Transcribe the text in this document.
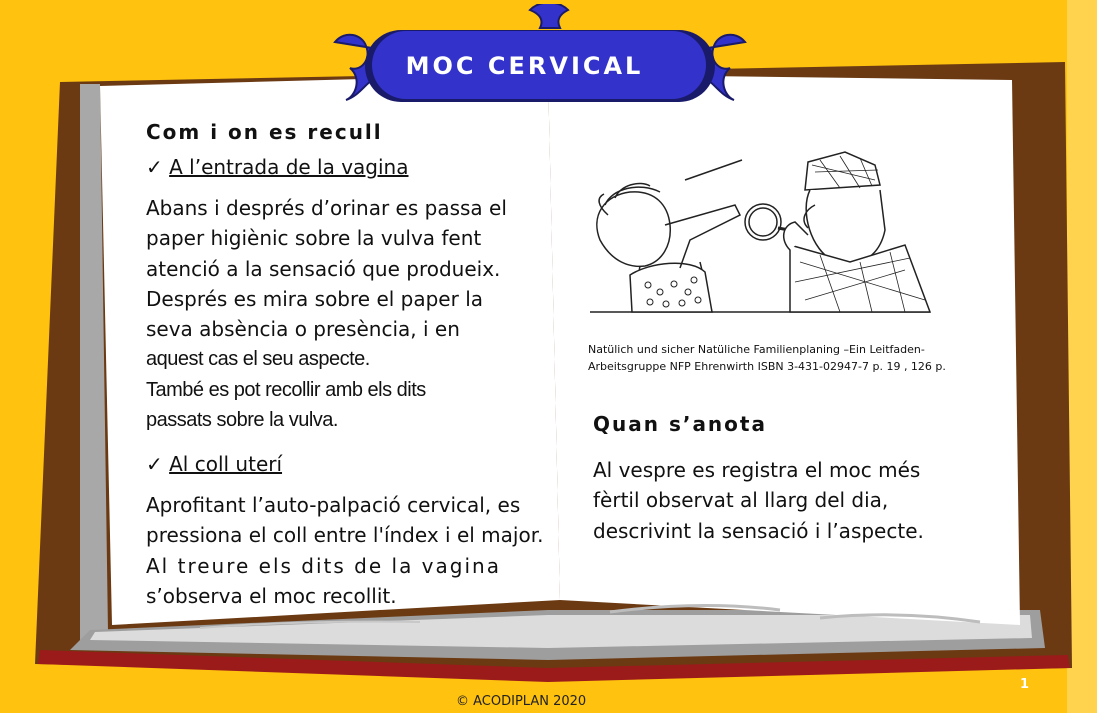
MOC CERVICAL
Com i on es recull
✓ A l’entrada de la vagina
Abans i després d’orinar es passa el
paper higiènic sobre la vulva fent
atenció a la sensació que produeix.
Després es mira sobre el paper la
seva absència o presència, i en
aquest cas el seu aspecte.
També es pot recollir amb els dits
passats sobre la vulva.
✓ Al coll uterí
Aprofitant l’auto-palpació cervical, es
pressiona el coll entre l'índex i el major.
Al treure els dits de la vagina
s’observa el moc recollit.
Natülich und sicher Natüliche Familienplaning –Ein Leitfaden-
Arbeitsgruppe NFP Ehrenwirth ISBN 3-431-02947-7 p. 19 , 126 p.
Quan s’anota
Al vespre es registra el moc més
fèrtil observat al llarg del dia,
descrivint la sensació i l’aspecte.
© ACODIPLAN 2020
1
